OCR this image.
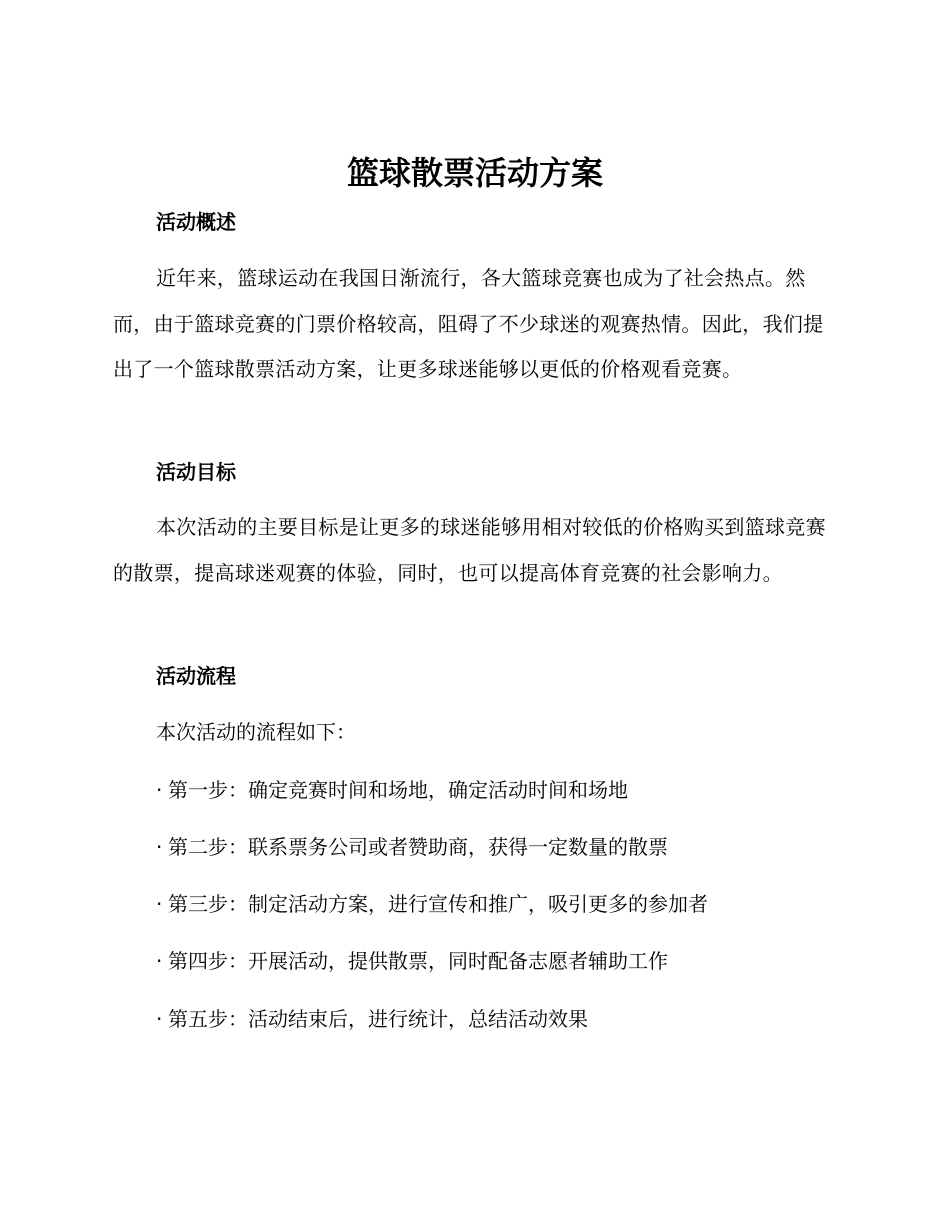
篮球散票活动方案
活动概述

近年来，篮球运动在我国日渐流行，各大篮球竞赛也成为了社会热点。然而，由于篮球竞赛的门票价格较高，阻碍了不少球迷的观赛热情。因此，我们提出了一个篮球散票活动方案，让更多球迷能够以更低的价格观看竞赛。

活动目标

本次活动的主要目标是让更多的球迷能够用相对较低的价格购买到篮球竞赛的散票，提高球迷观赛的体验，同时，也可以提高体育竞赛的社会影响力。

活动流程

本次活动的流程如下：

· 第一步：确定竞赛时间和场地，确定活动时间和场地

· 第二步：联系票务公司或者赞助商，获得一定数量的散票

· 第三步：制定活动方案，进行宣传和推广，吸引更多的参加者

· 第四步：开展活动，提供散票，同时配备志愿者辅助工作

· 第五步：活动结束后，进行统计，总结活动效果
